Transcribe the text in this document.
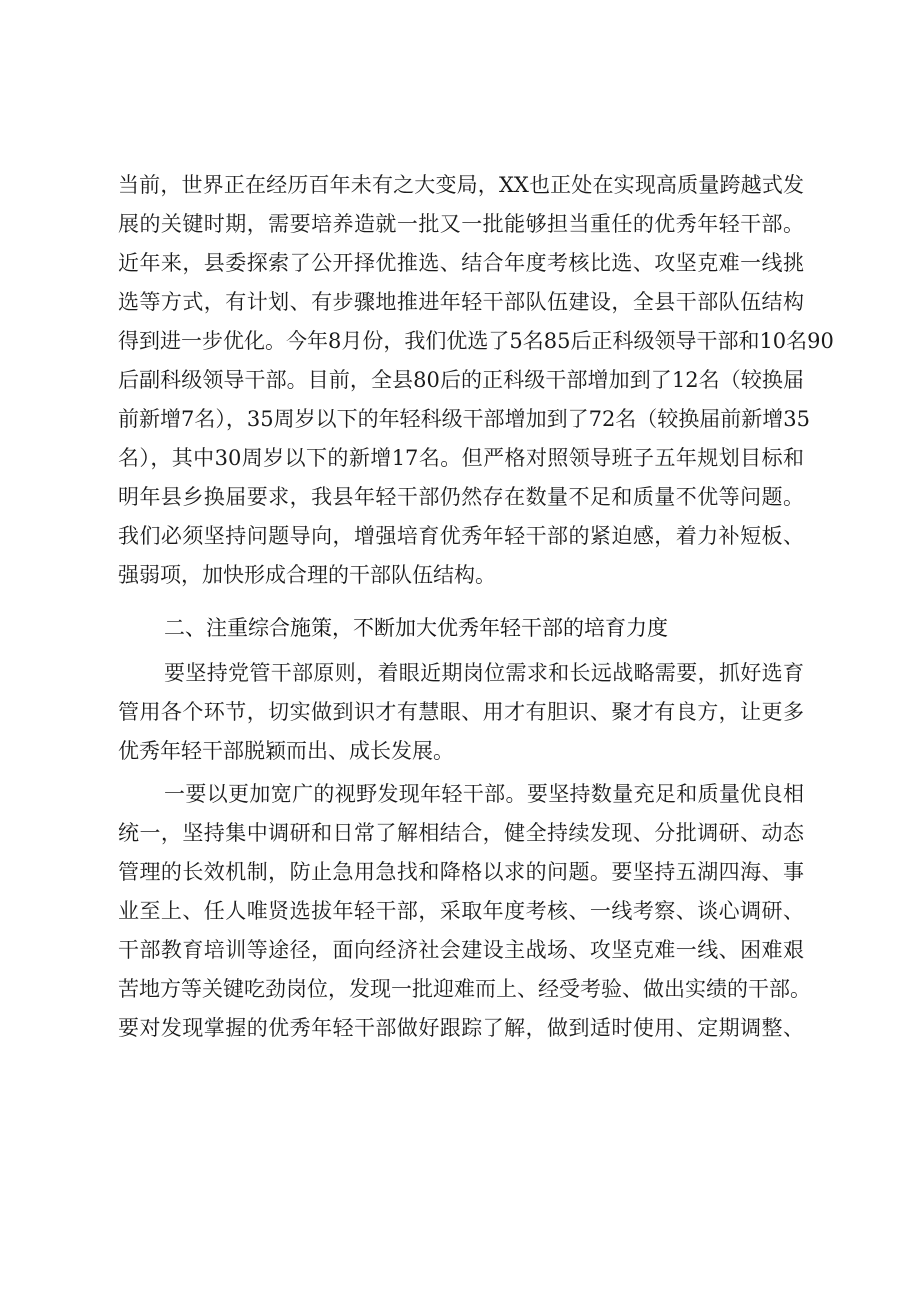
当前，世界正在经历百年未有之大变局，XX也正处在实现高质量跨越式发
展的关键时期，需要培养造就一批又一批能够担当重任的优秀年轻干部。
近年来，县委探索了公开择优推选、结合年度考核比选、攻坚克难一线挑
选等方式，有计划、有步骤地推进年轻干部队伍建设，全县干部队伍结构
得到进一步优化。今年8月份，我们优选了5名85后正科级领导干部和10名90
后副科级领导干部。目前，全县80后的正科级干部增加到了12名（较换届
前新增7名），35周岁以下的年轻科级干部增加到了72名（较换届前新增35
名），其中30周岁以下的新增17名。但严格对照领导班子五年规划目标和
明年县乡换届要求，我县年轻干部仍然存在数量不足和质量不优等问题。
我们必须坚持问题导向，增强培育优秀年轻干部的紧迫感，着力补短板、
强弱项，加快形成合理的干部队伍结构。
二、注重综合施策，不断加大优秀年轻干部的培育力度
要坚持党管干部原则，着眼近期岗位需求和长远战略需要，抓好选育
管用各个环节，切实做到识才有慧眼、用才有胆识、聚才有良方，让更多
优秀年轻干部脱颖而出、成长发展。
一要以更加宽广的视野发现年轻干部。要坚持数量充足和质量优良相
统一，坚持集中调研和日常了解相结合，健全持续发现、分批调研、动态
管理的长效机制，防止急用急找和降格以求的问题。要坚持五湖四海、事
业至上、任人唯贤选拔年轻干部，采取年度考核、一线考察、谈心调研、
干部教育培训等途径，面向经济社会建设主战场、攻坚克难一线、困难艰
苦地方等关键吃劲岗位，发现一批迎难而上、经受考验、做出实绩的干部。
要对发现掌握的优秀年轻干部做好跟踪了解，做到适时使用、定期调整、
